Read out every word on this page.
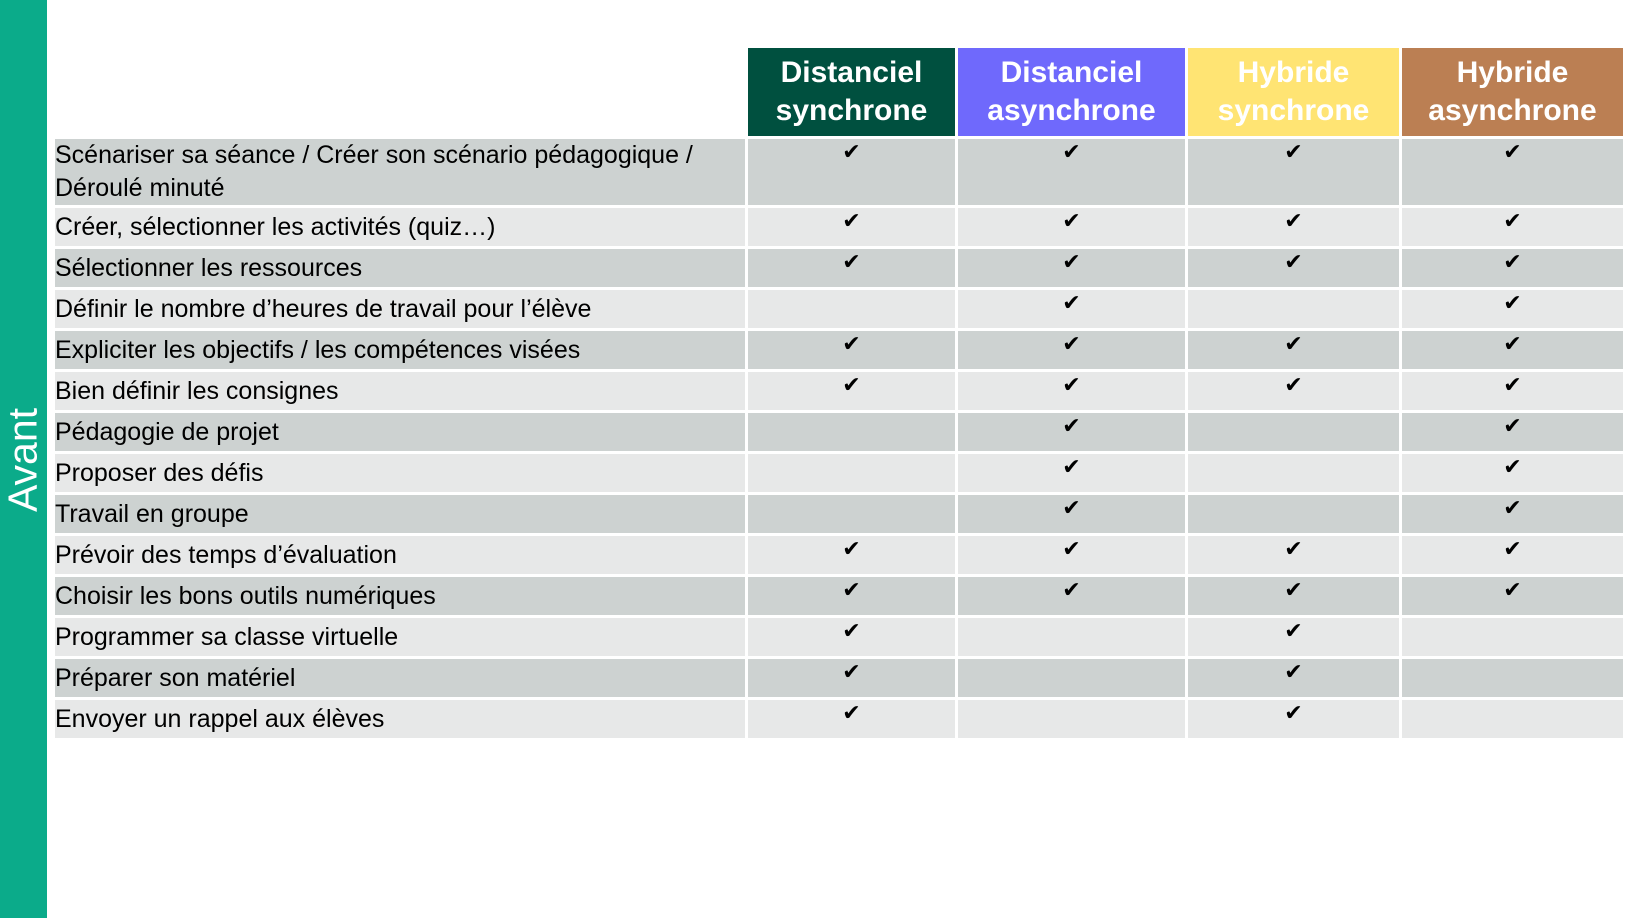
Avant
	Distanciel synchrone	Distanciel asynchrone	Hybride synchrone	Hybride asynchrone
Scénariser sa séance / Créer son scénario pédagogique / Déroulé minuté	✔	✔	✔	✔
Créer, sélectionner les activités (quiz…)	✔	✔	✔	✔
Sélectionner les ressources	✔	✔	✔	✔
Définir le nombre d’heures de travail pour l’élève		✔		✔
Expliciter les objectifs / les compétences visées	✔	✔	✔	✔
Bien définir les consignes	✔	✔	✔	✔
Pédagogie de projet		✔		✔
Proposer des défis		✔		✔
Travail en groupe		✔		✔
Prévoir des temps d’évaluation	✔	✔	✔	✔
Choisir les bons outils numériques	✔	✔	✔	✔
Programmer sa classe virtuelle	✔		✔	
Préparer son matériel	✔		✔	
Envoyer un rappel aux élèves	✔		✔	
